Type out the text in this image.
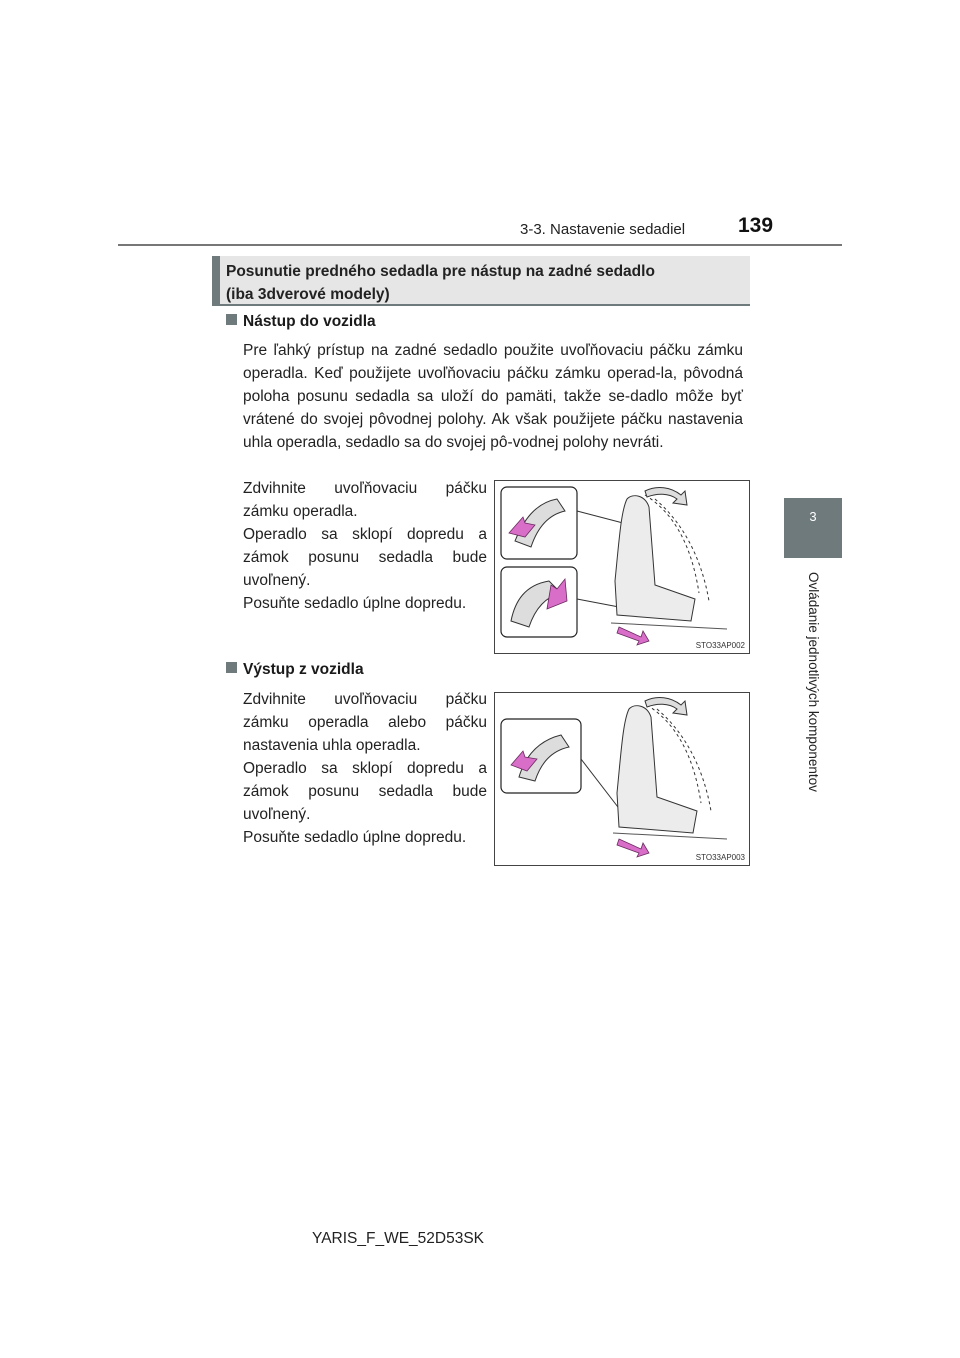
3-3. Nastavenie sedadiel	139
3
Ovládanie jednotlivých komponentov
Posunutie predného sedadla pre nástup na zadné sedadlo
(iba 3dverové modely)
Nástup do vozidla
Pre ľahký prístup na zadné sedadlo použite uvoľňovaciu páčku zámku operadla. Keď použijete uvoľňovaciu páčku zámku operad-la, pôvodná poloha posunu sedadla sa uloží do pamäti, takže se-dadlo môže byť vrátené do svojej pôvodnej polohy. Ak však použijete páčku nastavenia uhla operadla, sedadlo sa do svojej pô-vodnej polohy nevráti.
Zdvihnite uvoľňovaciu páčku zámku operadla.
Operadlo sa sklopí dopredu a zámok posunu sedadla bude uvoľnený.
Posuňte sedadlo úplne dopredu.
STO33AP002
Výstup z vozidla
Zdvihnite uvoľňovaciu páčku zámku operadla alebo páčku nastavenia uhla operadla.
Operadlo sa sklopí dopredu a zámok posunu sedadla bude uvoľnený.
Posuňte sedadlo úplne dopredu.
STO33AP003
YARIS_F_WE_52D53SK
